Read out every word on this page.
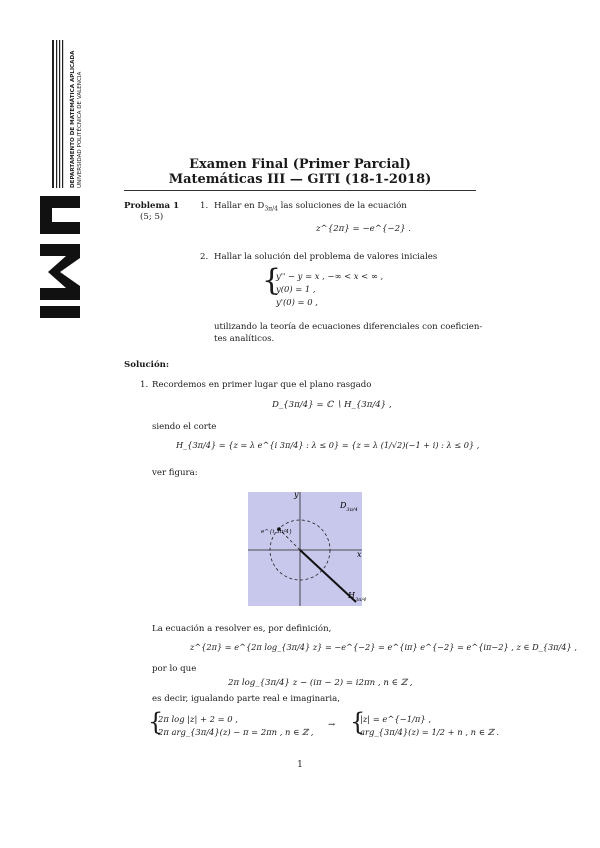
DEPARTAMENTO DE MATEMÁTICA APLICADA UNIVERSIDAD POLITÉCNICA DE VALENCIA	Examen Final (Primer Parcial)
Matemáticas III — GITI (18-1-2018)
Problema 1
(5; 5)
1. Hallar en $D_{3\pi/4}$ las soluciones de la ecuación
z^{2π} = −e^{−2} .
2. Hallar la solución del problema de valores iniciales
{
y'' − y = x , −∞ < x < ∞ ,
y(0) = 1 ,
y'(0) = 0 ,
utilizando la teoría de ecuaciones diferenciales con coeficien-
tes analíticos.
Solución:
1. Recordemos en primer lugar que el plano rasgado
D_{3π/4} = ℂ ∖ H_{3π/4} ,
siendo el corte
H_{3π/4} = {z = λ e^{i 3π/4} : λ ≤ 0} = {z = λ (1/√2)(−1 + i) : λ ≤ 0} ,
ver figura:
y
x
$D_{3\pi/4}$
$H_{3\pi/4}$
e^{i 3π/4}
La ecuación a resolver es, por definición,
z^{2π} = e^{2π log_{3π/4} z} = −e^{−2} = e^{iπ} e^{−2} = e^{iπ−2} , z ∈ D_{3π/4} ,
por lo que
2π log_{3π/4} z − (iπ − 2) = i2πn , n ∈ ℤ ,
es decir, igualando parte real e imaginaria,
{
2π log |z| + 2 = 0 ,
2π arg_{3π/4}(z) − π = 2πn , n ∈ ℤ ,
→ {
|z| = e^{−1/π} ,
arg_{3π/4}(z) = 1/2 + n , n ∈ ℤ .
1
